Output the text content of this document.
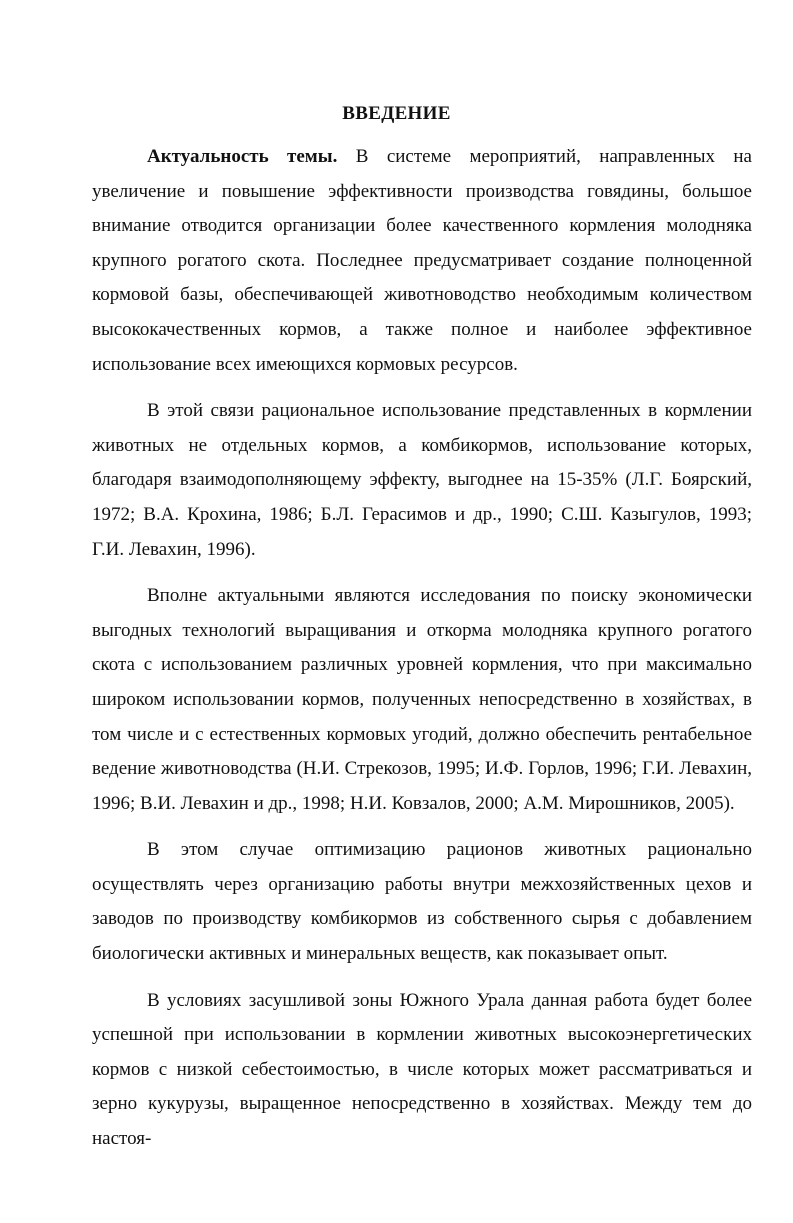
ВВЕДЕНИЕ

Актуальность темы. В системе мероприятий, направленных на увеличение и повышение эффективности производства говядины, большое внимание отводится организации более качественного кормления молодняка крупного рогатого скота. Последнее предусматривает создание полноценной кормовой базы, обеспечивающей животноводство необходимым количеством высококачественных кормов, а также полное и наиболее эффективное использование всех имеющихся кормовых ресурсов.

В этой связи рациональное использование представленных в кормлении животных не отдельных кормов, а комбикормов, использование которых, благодаря взаимодополняющему эффекту, выгоднее на 15-35% (Л.Г. Боярский, 1972; В.А. Крохина, 1986; Б.Л. Герасимов и др., 1990; С.Ш. Казыгулов, 1993; Г.И. Левахин, 1996).

Вполне актуальными являются исследования по поиску экономически выгодных технологий выращивания и откорма молодняка крупного рогатого скота с использованием различных уровней кормления, что при максимально широком использовании кормов, полученных непосредственно в хозяйствах, в том числе и с естественных кормовых угодий, должно обеспечить рентабельное ведение животноводства (Н.И. Стрекозов, 1995; И.Ф. Горлов, 1996; Г.И. Левахин, 1996; В.И. Левахин и др., 1998; Н.И. Ковзалов, 2000; А.М. Мирошников, 2005).

В этом случае оптимизацию рационов животных рационально осуществлять через организацию работы внутри межхозяйственных цехов и заводов по производству комбикормов из собственного сырья с добавлением биологически активных и минеральных веществ, как показывает опыт.

В условиях засушливой зоны Южного Урала данная работа будет более успешной при использовании в кормлении животных высокоэнергетических кормов с низкой себестоимостью, в числе которых может рассматриваться и зерно кукурузы, выращенное непосредственно в хозяйствах. Между тем до настоя-
